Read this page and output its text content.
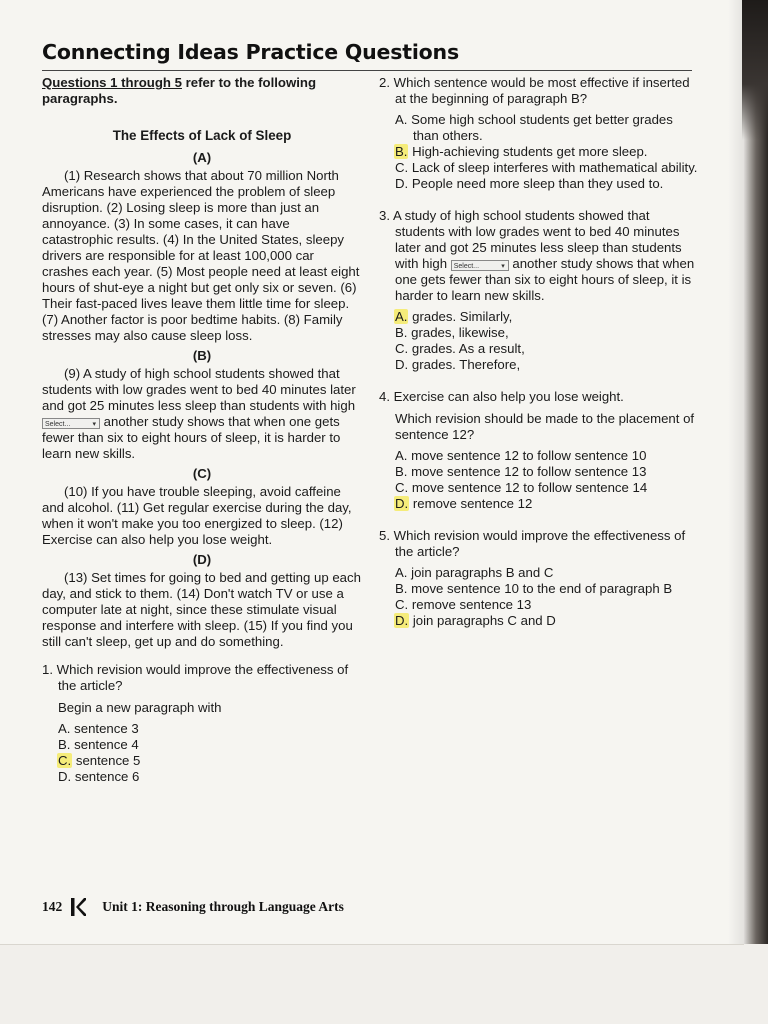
Connecting Ideas Practice Questions

Questions 1 through 5 refer to the following paragraphs.

The Effects of Lack of Sleep
(A)

(1) Research shows that about 70 million North Americans have experienced the problem of sleep disruption. (2) Losing sleep is more than just an annoyance. (3) In some cases, it can have catastrophic results. (4) In the United States, sleepy drivers are responsible for at least 100,000 car crashes each year. (5) Most people need at least eight hours of shut-eye a night but get only six or seven. (6) Their fast-paced lives leave them little time for sleep. (7) Another factor is poor bedtime habits. (8) Family stresses may also cause sleep loss.

(B)

(9) A study of high school students showed that students with low grades went to bed 40 minutes later and got 25 minutes less sleep than students with high Select...	▾ another study shows that when one gets fewer than six to eight hours of sleep, it is harder to learn new skills.

(C)

(10) If you have trouble sleeping, avoid caffeine and alcohol. (11) Get regular exercise during the day, when it won't make you too energized to sleep. (12) Exercise can also help you lose weight.

(D)

(13) Set times for going to bed and getting up each day, and stick to them. (14) Don't watch TV or use a computer late at night, since these stimulate visual response and interfere with sleep. (15) If you find you still can't sleep, get up and do something.

1. Which revision would improve the effectiveness of the article?

Begin a new paragraph with

A. sentence 3
B. sentence 4
C. sentence 5
D. sentence 6

2. Which sentence would be most effective if inserted at the beginning of paragraph B?

A. Some high school students get better grades than others.
B. High-achieving students get more sleep.
C. Lack of sleep interferes with mathematical ability.
D. People need more sleep than they used to.

3. A study of high school students showed that students with low grades went to bed 40 minutes later and got 25 minutes less sleep than students with high Select...	▾ another study shows that when one gets fewer than six to eight hours of sleep, it is harder to learn new skills.

A. grades. Similarly,
B. grades, likewise,
C. grades. As a result,
D. grades. Therefore,

4. Exercise can also help you lose weight.

Which revision should be made to the placement of sentence 12?

A. move sentence 12 to follow sentence 10
B. move sentence 12 to follow sentence 13
C. move sentence 12 to follow sentence 14
D. remove sentence 12

5. Which revision would improve the effectiveness of the article?

A. join paragraphs B and C
B. move sentence 10 to the end of paragraph B
C. remove sentence 13
D. join paragraphs C and D
142	Unit 1: Reasoning through Language Arts
